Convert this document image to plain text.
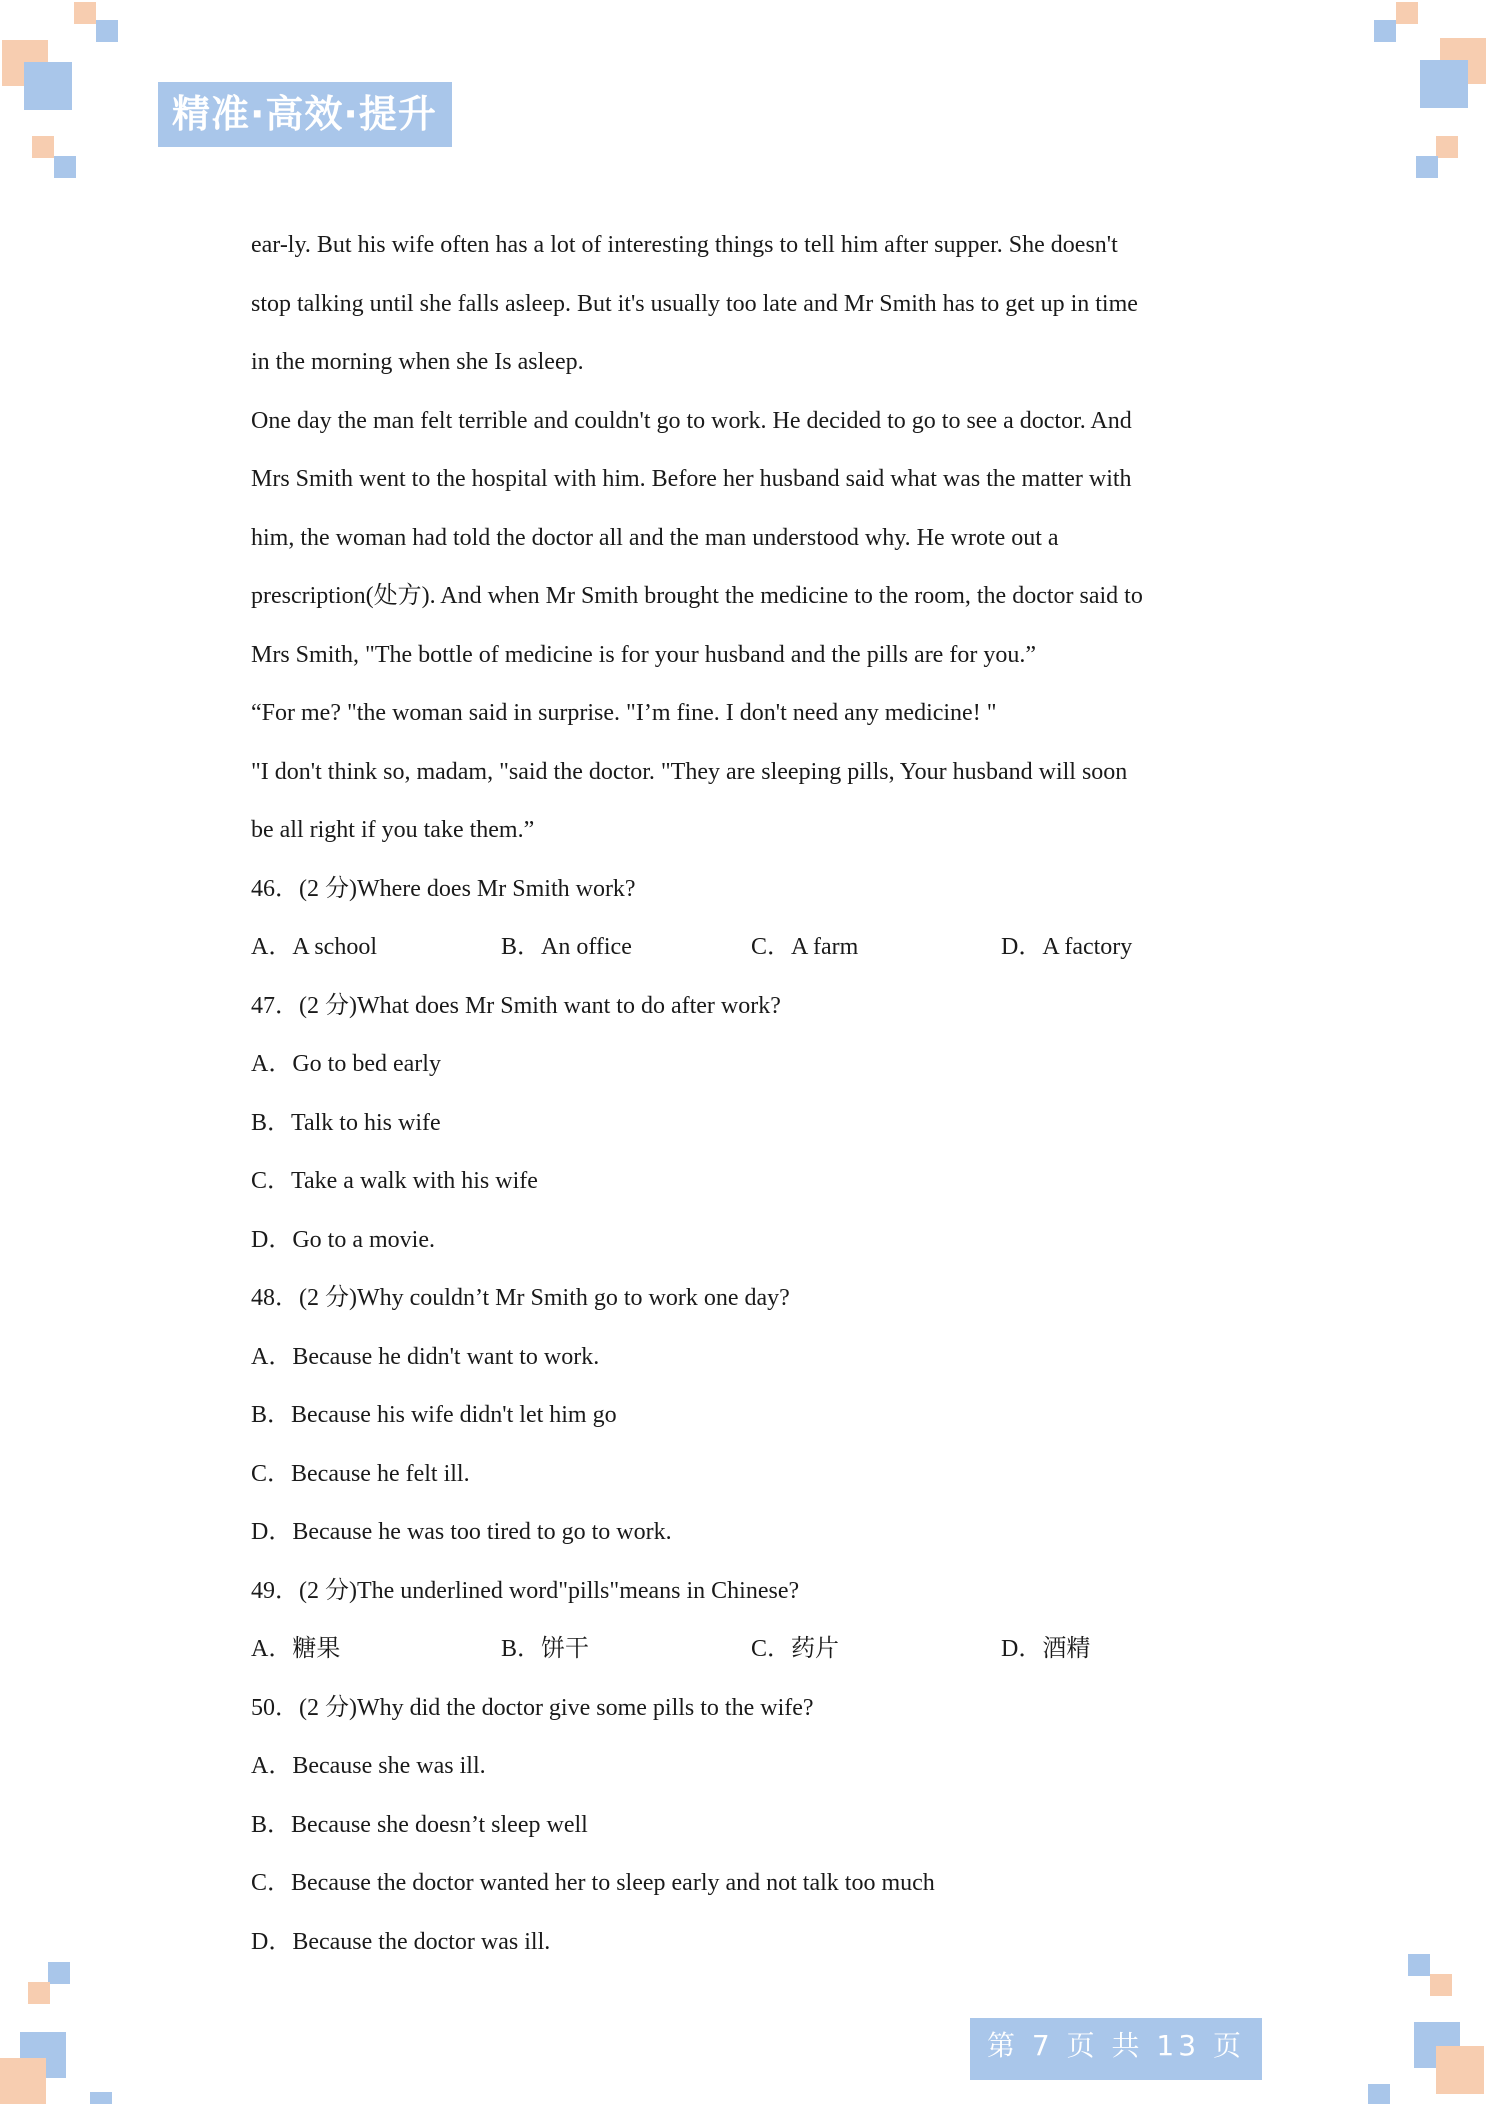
精准·高效·提升
ear-ly. But his wife often has a lot of interesting things to tell him after supper. She doesn't
stop talking until she falls asleep. But it's usually too late and Mr Smith has to get up in time
in the morning when she Is asleep.
One day the man felt terrible and couldn't go to work. He decided to go to see a doctor. And
Mrs Smith went to the hospital with him. Before her husband said what was the matter with
him, the woman had told the doctor all and the man understood why. He wrote out a
prescription(处方). And when Mr Smith brought the medicine to the room, the doctor said to
Mrs Smith, "The bottle of medicine is for your husband and the pills are for you.”
“For me? "the woman said in surprise. "I’m fine. I don't need any medicine! "
"I don't think so, madam, "said the doctor. "They are sleeping pills, Your husband will soon
be all right if you take them.”
46．(2 分)Where does Mr Smith work?
A．A school	B．An office	C．A farm	D．A factory
47．(2 分)What does Mr Smith want to do after work?
A．Go to bed early
B．Talk to his wife
C．Take a walk with his wife
D．Go to a movie.
48．(2 分)Why couldn’t Mr Smith go to work one day?
A．Because he didn't want to work.
B．Because his wife didn't let him go
C．Because he felt ill.
D．Because he was too tired to go to work.
49．(2 分)The underlined word"pills"means in Chinese?
A．糖果	B．饼干	C．药片	D．酒精
50．(2 分)Why did the doctor give some pills to the wife?
A．Because she was ill.
B．Because she doesn’t sleep well
C．Because the doctor wanted her to sleep early and not talk too much
D．Because the doctor was ill.
第 7 页 共 13 页
